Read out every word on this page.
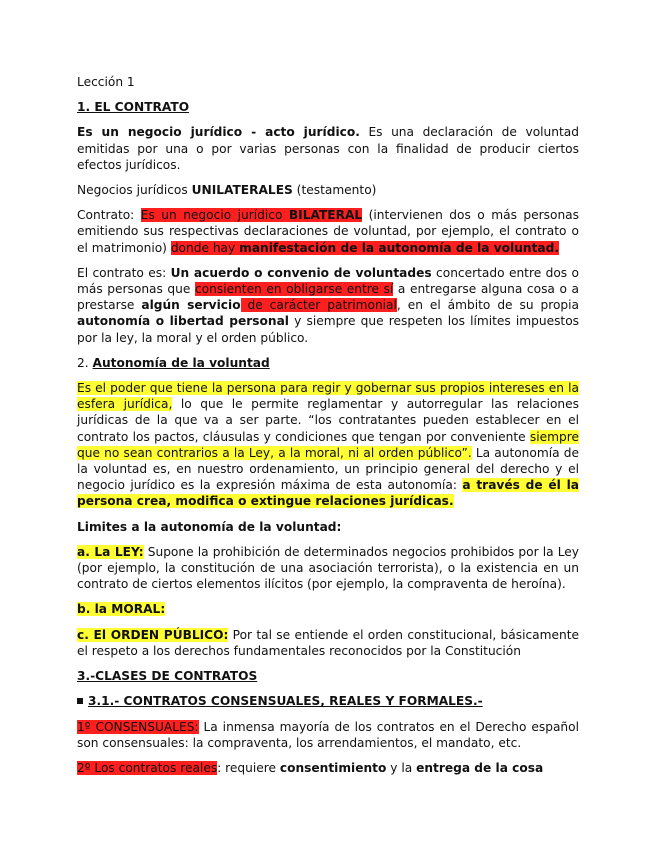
Lección 1

1. EL CONTRATO

Es un negocio jurídico - acto jurídico. Es una declaración de voluntad emitidas por una o por varias personas con la finalidad de producir ciertos efectos jurídicos.

Negocios jurídicos UNILATERALES (testamento)

Contrato: Es un negocio jurídico BILATERAL (intervienen dos o más personas emitiendo sus respectivas declaraciones de voluntad, por ejemplo, el contrato o el matrimonio) donde hay manifestación de la autonomía de la voluntad.

El contrato es: Un acuerdo o convenio de voluntades concertado entre dos o más personas que consienten en obligarse entre sí a entregarse alguna cosa o a prestarse algún servicio de carácter patrimonial, en el ámbito de su propia autonomía o libertad personal y siempre que respeten los límites impuestos por la ley, la moral y el orden público.

2. Autonomía de la voluntad

Es el poder que tiene la persona para regir y gobernar sus propios intereses en la esfera jurídica, lo que le permite reglamentar y autorregular las relaciones jurídicas de la que va a ser parte. “los contratantes pueden establecer en el contrato los pactos, cláusulas y condiciones que tengan por conveniente siempre que no sean contrarios a la Ley, a la moral, ni al orden público”. La autonomía de la voluntad es, en nuestro ordenamiento, un principio general del derecho y el negocio jurídico es la expresión máxima de esta autonomía: a través de él la persona crea, modifica o extingue relaciones jurídicas.

Limites a la autonomía de la voluntad:

a. La LEY: Supone la prohibición de determinados negocios prohibidos por la Ley (por ejemplo, la constitución de una asociación terrorista), o la existencia en un contrato de ciertos elementos ilícitos (por ejemplo, la compraventa de heroína).

b. la MORAL:

c. El ORDEN PÚBLICO: Por tal se entiende el orden constitucional, básicamente el respeto a los derechos fundamentales reconocidos por la Constitución

3.-CLASES DE CONTRATOS

3.1.- CONTRATOS CONSENSUALES, REALES Y FORMALES.-

1º CONSENSUALES: La inmensa mayoría de los contratos en el Derecho español son consensuales: la compraventa, los arrendamientos, el mandato, etc.

2º Los contratos reales: requiere consentimiento y la entrega de la cosa
